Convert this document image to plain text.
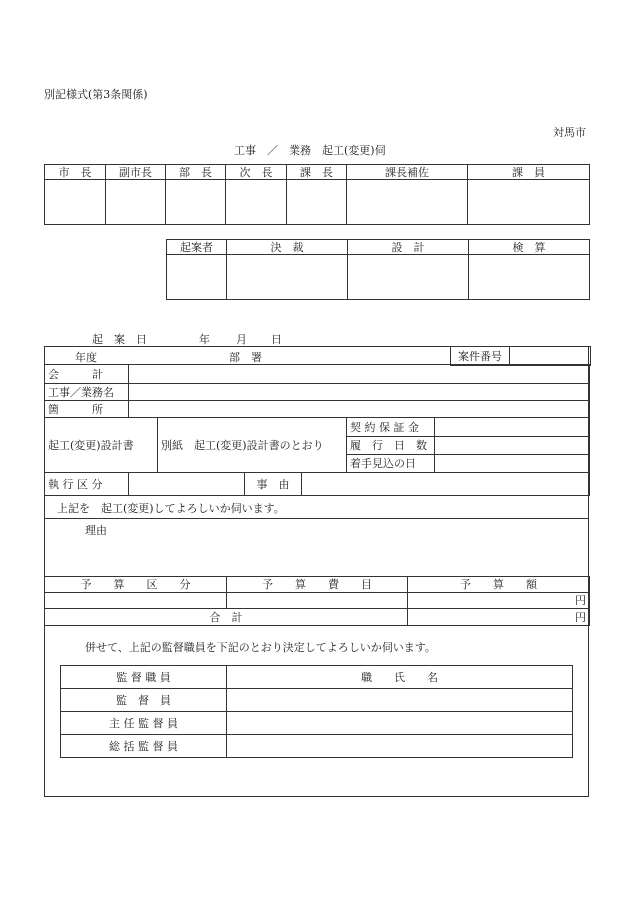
別記様式(第3条関係)
対馬市
工事　／　業務　起工(変更)伺
市　長	副市長	部　長	次　長	課　長	課長補佐	課　員

起案者	決　裁	設　計	検　算

起　案　日	年 月 日
年度	部　署	案件番号	
会　　　計	
工事／業務名	
箇　　　所	
起工(変更)設計書	別紙　起工(変更)設計書のとおり	契 約 保 証 金	
		履　行　日　数	
		着手見込の日	
執 行 区 分		事　由	
上記を　起工(変更)してよろしいか伺います。
理由
予　　算　　区　　分	予　　算　　費　　目	予　　算　　額
		円
合　計		円
併せて、上記の監督職員を下記のとおり決定してよろしいか伺います。
監 督 職 員	職　　氏　　名
監　督　員	
主 任 監 督 員	
総 括 監 督 員	
